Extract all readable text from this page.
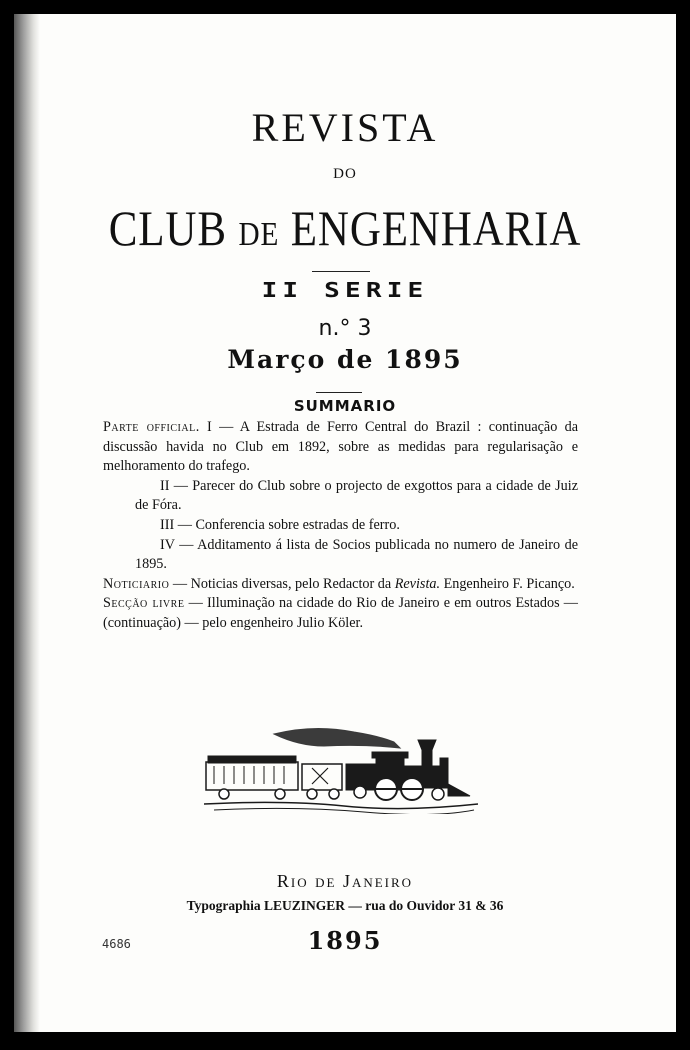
REVISTA
DO
CLUB DE ENGENHARIA
II SERIE
n.° 3
Março de 1895
SUMMARIO
Parte official. I — A Estrada de Ferro Central do Brazil : continuação da discussão havida no Club em 1892, sobre as medidas para regularisação e melhoramento do trafego.
II — Parecer do Club sobre o projecto de exgottos para a cidade de Juiz de Fóra.
III — Conferencia sobre estradas de ferro.
IV — Additamento á lista de Socios publicada no numero de Janeiro de 1895.
Noticiario — Noticias diversas, pelo Redactor da Revista. Engenheiro F. Picanço.
Secção livre — Illuminação na cidade do Rio de Janeiro e em outros Estados — (continuação) — pelo engenheiro Julio Köler.
Rio de Janeiro
Typographia LEUZINGER — rua do Ouvidor 31 & 36
1895
4686
